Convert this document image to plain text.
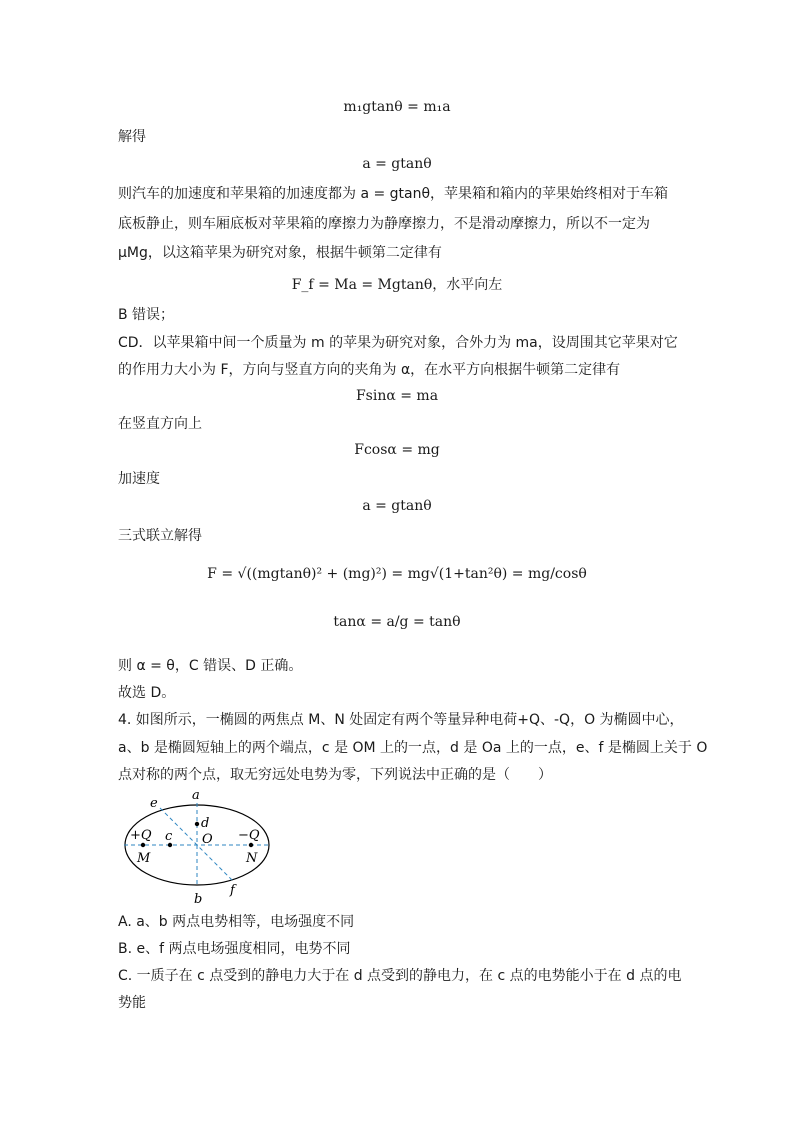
m₁gtanθ = m₁a
解得
a = gtanθ
则汽车的加速度和苹果箱的加速度都为 a = gtanθ，苹果箱和箱内的苹果始终相对于车箱
底板静止，则车厢底板对苹果箱的摩擦力为静摩擦力，不是滑动摩擦力，所以不一定为
μMg，以这箱苹果为研究对象，根据牛顿第二定律有
F_f = Ma = Mgtanθ，水平向左
B 错误；
CD．以苹果箱中间一个质量为 m 的苹果为研究对象，合外力为 ma，设周围其它苹果对它
的作用力大小为 F，方向与竖直方向的夹角为 α，在水平方向根据牛顿第二定律有
Fsinα = ma
在竖直方向上
Fcosα = mg
加速度
a = gtanθ
三式联立解得
F = √((mgtanθ)² + (mg)²) = mg√(1+tan²θ) = mg/cosθ
tanα = a/g = tanθ
则 α = θ，C 错误、D 正确。
故选 D。
4. 如图所示，一椭圆的两焦点 M、N 处固定有两个等量异种电荷+Q、-Q，O 为椭圆中心，
a、b 是椭圆短轴上的两个端点，c 是 OM 上的一点，d 是 Oa 上的一点，e、f 是椭圆上关于 O
点对称的两个点，取无穷远处电势为零，下列说法中正确的是（　　）
a
b
d
O
c
e
f
+Q	−Q
M	N
A. a、b 两点电势相等，电场强度不同
B. e、f 两点电场强度相同，电势不同
C. 一质子在 c 点受到的静电力大于在 d 点受到的静电力，在 c 点的电势能小于在 d 点的电
势能
